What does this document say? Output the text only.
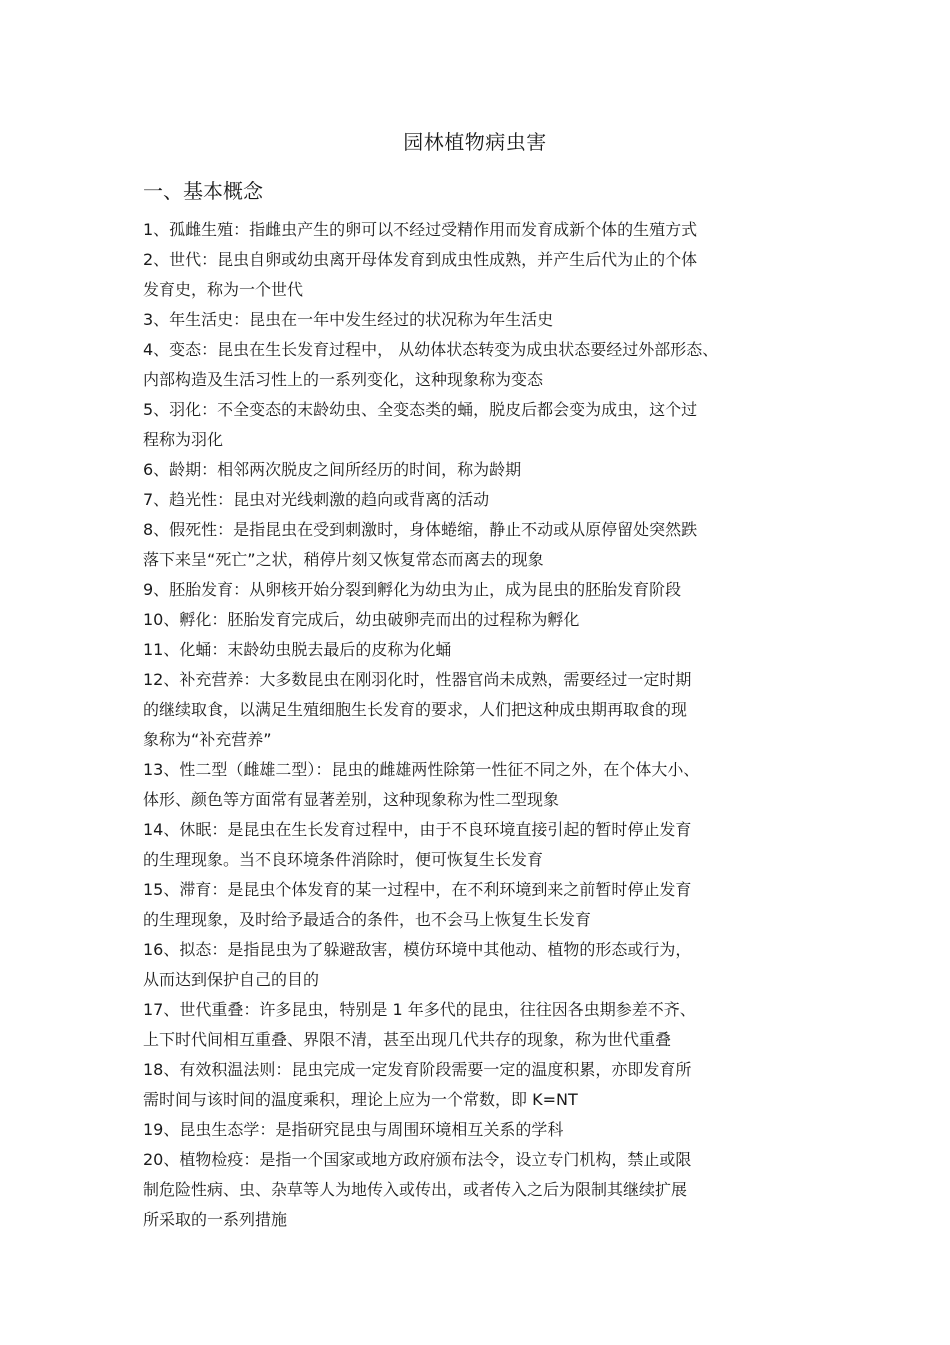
园林植物病虫害
一、基本概念
1、孤雌生殖：指雌虫产生的卵可以不经过受精作用而发育成新个体的生殖方式
2、世代：昆虫自卵或幼虫离开母体发育到成虫性成熟，并产生后代为止的个体
发育史，称为一个世代
3、年生活史：昆虫在一年中发生经过的状况称为年生活史
4、变态：昆虫在生长发育过程中， 从幼体状态转变为成虫状态要经过外部形态、
内部构造及生活习性上的一系列变化，这种现象称为变态
5、羽化：不全变态的末龄幼虫、全变态类的蛹，脱皮后都会变为成虫，这个过
程称为羽化
6、龄期：相邻两次脱皮之间所经历的时间，称为龄期
7、趋光性：昆虫对光线刺激的趋向或背离的活动
8、假死性：是指昆虫在受到刺激时，身体蜷缩，静止不动或从原停留处突然跌
落下来呈“死亡”之状，稍停片刻又恢复常态而离去的现象
9、胚胎发育：从卵核开始分裂到孵化为幼虫为止，成为昆虫的胚胎发育阶段
10、孵化：胚胎发育完成后，幼虫破卵壳而出的过程称为孵化
11、化蛹：末龄幼虫脱去最后的皮称为化蛹
12、补充营养：大多数昆虫在刚羽化时，性器官尚未成熟，需要经过一定时期
的继续取食，以满足生殖细胞生长发育的要求，人们把这种成虫期再取食的现
象称为“补充营养”
13、性二型（雌雄二型）：昆虫的雌雄两性除第一性征不同之外，在个体大小、
体形、颜色等方面常有显著差别，这种现象称为性二型现象
14、休眠：是昆虫在生长发育过程中，由于不良环境直接引起的暂时停止发育
的生理现象。当不良环境条件消除时，便可恢复生长发育
15、滞育：是昆虫个体发育的某一过程中，在不利环境到来之前暂时停止发育
的生理现象，及时给予最适合的条件，也不会马上恢复生长发育
16、拟态：是指昆虫为了躲避敌害，模仿环境中其他动、植物的形态或行为，
从而达到保护自己的目的
17、世代重叠：许多昆虫，特别是 1 年多代的昆虫，往往因各虫期参差不齐、
上下时代间相互重叠、界限不清，甚至出现几代共存的现象，称为世代重叠
18、有效积温法则：昆虫完成一定发育阶段需要一定的温度积累，亦即发育所
需时间与该时间的温度乘积，理论上应为一个常数，即 K=NT
19、昆虫生态学：是指研究昆虫与周围环境相互关系的学科
20、植物检疫：是指一个国家或地方政府颁布法令，设立专门机构，禁止或限
制危险性病、虫、杂草等人为地传入或传出，或者传入之后为限制其继续扩展
所采取的一系列措施
